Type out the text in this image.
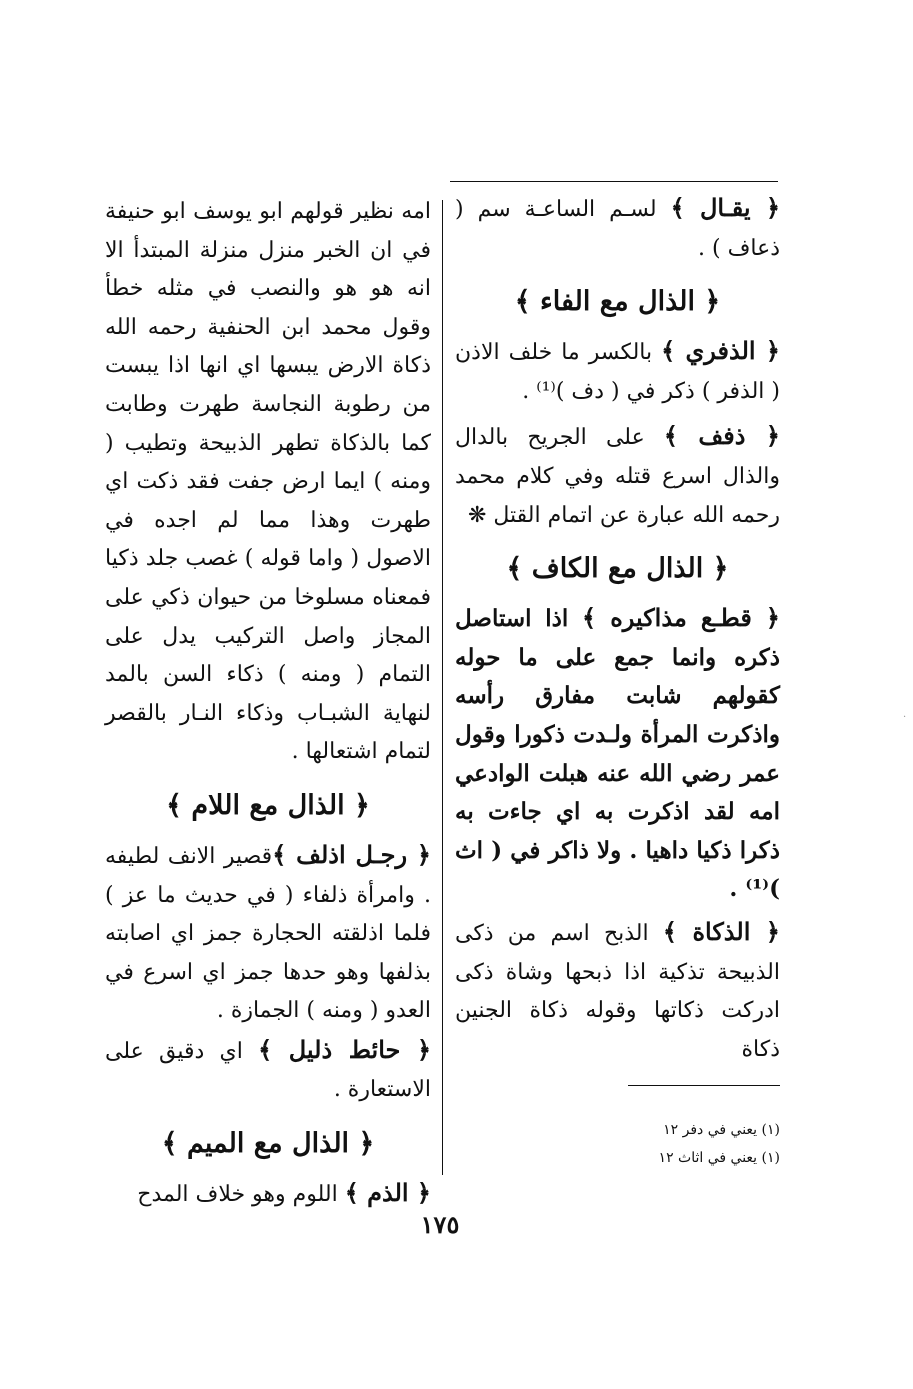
﴿ يقـال ﴾ لسـم الساعـة سم ( ذعاف ) .

﴿ الذال مع الفاء ﴾

﴿ الذفري ﴾ بالكسر ما خلف الاذن ( الذفر ) ذكر في ( دف )⁽¹⁾ .

﴿ ذفف ﴾ على الجريح بالدال والذال اسرع قتله وفي كلام محمد رحمه الله عبارة عن اتمام القتل ❋

﴿ الذال مع الكاف ﴾

﴿ قطـع مذاكيره ﴾ اذا استاصل ذكره وانما جمع على ما حوله كقولهم شابت مفارق رأسه واذكرت المرأة ولـدت ذكورا وقول عمر رضي الله عنه هبلت الوادعي امه لقد اذكرت به اي جاءت به ذكرا ذكيا داهيا . ولا ذاكر في ( اث )⁽¹⁾ .

﴿ الذكاة ﴾ الذبح اسم من ذكى الذبيحة تذكية اذا ذبحها وشاة ذكى ادركت ذكاتها وقوله ذكاة الجنين ذكاة

امه نظير قولهم ابو يوسف ابو حنيفة في ان الخبر منزل منزلة المبتدأ الا انه هو هو والنصب في مثله خطأ وقول محمد ابن الحنفية رحمه الله ذكاة الارض يبسها اي انها اذا يبست من رطوبة النجاسة طهرت وطابت كما بالذكاة تطهر الذبيحة وتطيب ( ومنه ) ايما ارض جفت فقد ذكت اي طهرت وهذا مما لم اجده في الاصول ( واما قوله ) غصب جلد ذكيا فمعناه مسلوخا من حيوان ذكي على المجاز واصل التركيب يدل على التمام ( ومنه ) ذكاء السن بالمد لنهاية الشبـاب وذكاء النـار بالقصر لتمام اشتعالها .

﴿ الذال مع اللام ﴾

﴿ رجـل اذلف ﴾قصير الانف لطيفه . وامرأة ذلفاء ( في حديث ما عز ) فلما اذلقته الحجارة جمز اي اصابته بذلفها وهو حدها جمز اي اسرع في العدو ( ومنه ) الجمازة .

﴿ حائط ذليل ﴾ اي دقيق على الاستعارة .

﴿ الذال مع الميم ﴾

﴿ الذم ﴾ اللوم وهو خلاف المدح

(١) يعني في دفر ١٢

(١) يعني في اثاث ١٢

١٧٥
·
